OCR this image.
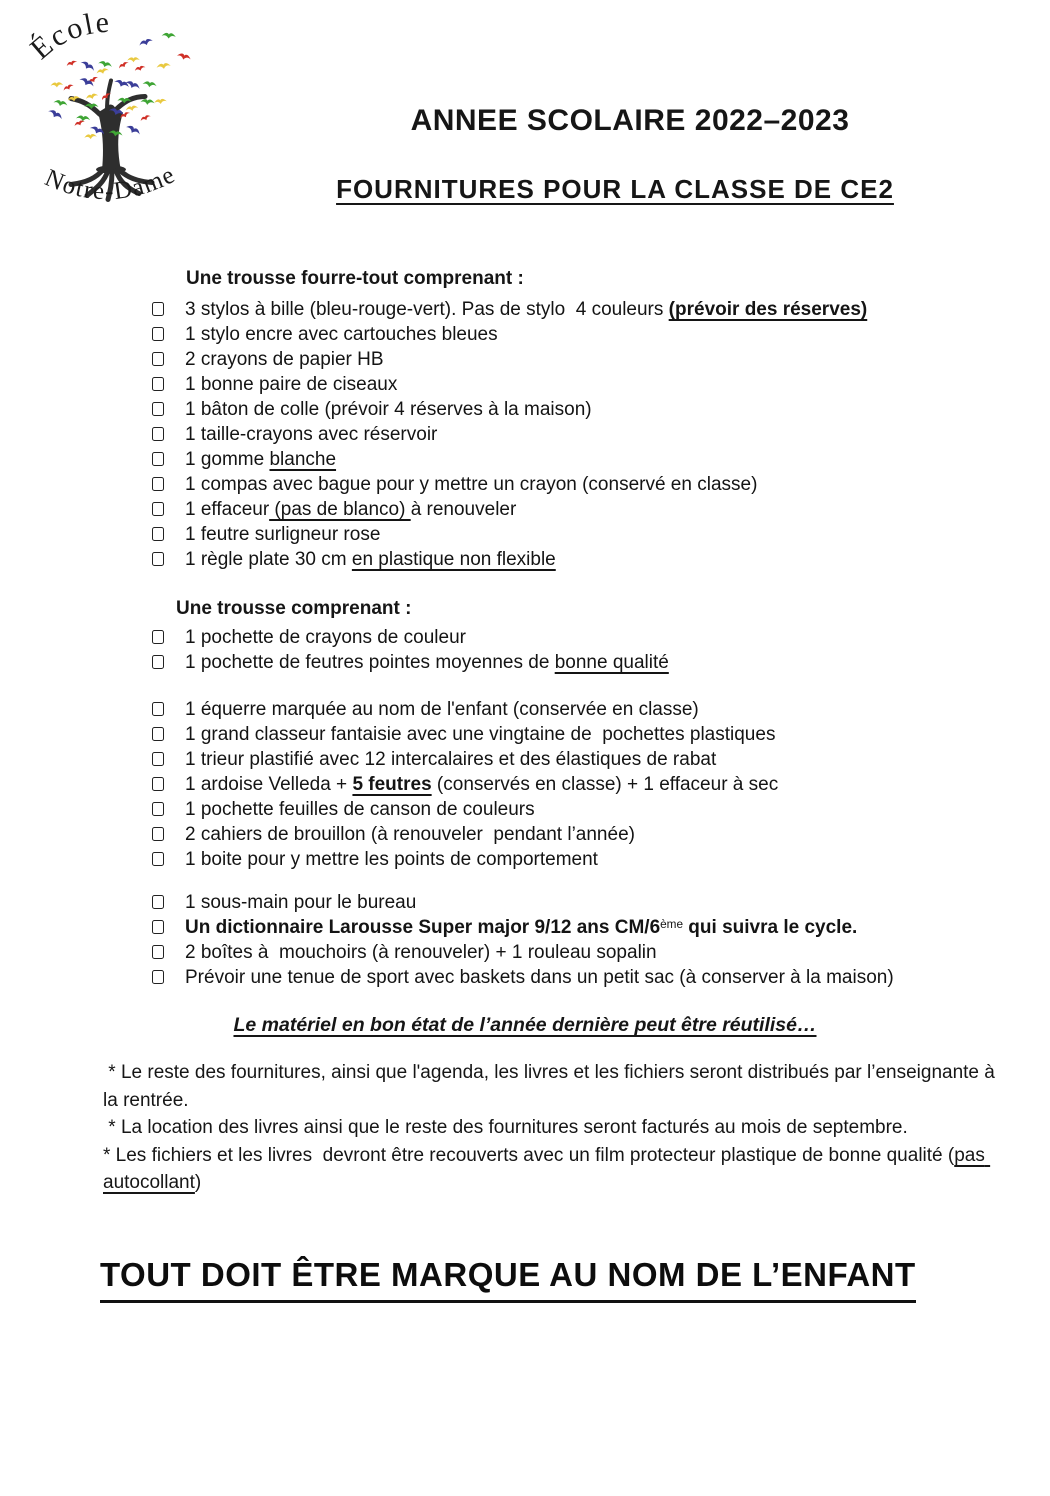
École
Notre-Dame
ANNEE SCOLAIRE 2022–2023
FOURNITURES POUR LA CLASSE DE CE2
Une trousse fourre-tout comprenant :
3 stylos à bille (bleu-rouge-vert). Pas de stylo  4 couleurs (prévoir des réserves)
1 stylo encre avec cartouches bleues
2 crayons de papier HB
1 bonne paire de ciseaux
1 bâton de colle (prévoir 4 réserves à la maison)
1 taille-crayons avec réservoir
1 gomme blanche
1 compas avec bague pour y mettre un crayon (conservé en classe)
1 effaceur (pas de blanco) à renouveler
1 feutre surligneur rose
1 règle plate 30 cm en plastique non flexible
Une trousse comprenant :
1 pochette de crayons de couleur
1 pochette de feutres pointes moyennes de bonne qualité
1 équerre marquée au nom de l'enfant (conservée en classe)
1 grand classeur fantaisie avec une vingtaine de  pochettes plastiques
1 trieur plastifié avec 12 intercalaires et des élastiques de rabat
1 ardoise Velleda + 5 feutres (conservés en classe) + 1 effaceur à sec
1 pochette feuilles de canson de couleurs
2 cahiers de brouillon (à renouveler  pendant l’année)
1 boite pour y mettre les points de comportement
1 sous-main pour le bureau
Un dictionnaire Larousse Super major 9/12 ans CM/6ème qui suivra le cycle.
2 boîtes à  mouchoirs (à renouveler) + 1 rouleau sopalin
Prévoir une tenue de sport avec baskets dans un petit sac (à conserver à la maison)
Le matériel en bon état de l’année dernière peut être réutilisé…
* Le reste des fournitures, ainsi que l'agenda, les livres et les fichiers seront distribués par l’enseignante à la rentrée.
* La location des livres ainsi que le reste des fournitures seront facturés au mois de septembre.
* Les fichiers et les livres  devront être recouverts avec un film protecteur plastique de bonne qualité (pas autocollant)
TOUT DOIT ÊTRE MARQUE AU NOM DE L’ENFANT
